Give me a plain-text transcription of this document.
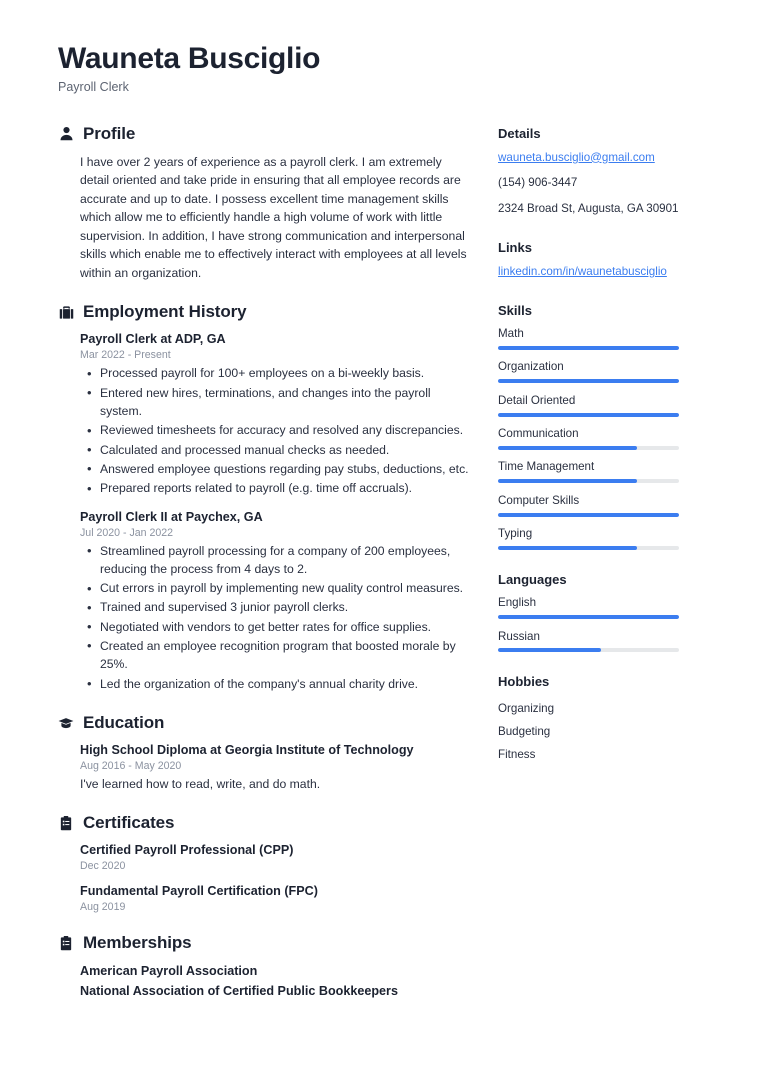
Wauneta Busciglio
Payroll Clerk
Profile
I have over 2 years of experience as a payroll clerk. I am extremely detail oriented and take pride in ensuring that all employee records are accurate and up to date. I possess excellent time management skills which allow me to efficiently handle a high volume of work with little supervision. In addition, I have strong communication and interpersonal skills which enable me to effectively interact with employees at all levels within an organization.
Employment History
Payroll Clerk at ADP, GA
Mar 2022 - Present
• Processed payroll for 100+ employees on a bi-weekly basis.
• Entered new hires, terminations, and changes into the payroll system.
• Reviewed timesheets for accuracy and resolved any discrepancies.
• Calculated and processed manual checks as needed.
• Answered employee questions regarding pay stubs, deductions, etc.
• Prepared reports related to payroll (e.g. time off accruals).
Payroll Clerk II at Paychex, GA
Jul 2020 - Jan 2022
• Streamlined payroll processing for a company of 200 employees, reducing the process from 4 days to 2.
• Cut errors in payroll by implementing new quality control measures.
• Trained and supervised 3 junior payroll clerks.
• Negotiated with vendors to get better rates for office supplies.
• Created an employee recognition program that boosted morale by 25%.
• Led the organization of the company's annual charity drive.
Education
High School Diploma at Georgia Institute of Technology
Aug 2016 - May 2020
I've learned how to read, write, and do math.
Certificates
Certified Payroll Professional (CPP)
Dec 2020
Fundamental Payroll Certification (FPC)
Aug 2019
Memberships
American Payroll Association
National Association of Certified Public Bookkeepers
Details
wauneta.busciglio@gmail.com
(154) 906-3447
2324 Broad St, Augusta, GA 30901
Links
linkedin.com/in/waunetabusciglio
Skills
Math
Organization
Detail Oriented
Communication
Time Management
Computer Skills
Typing
Languages
English
Russian
Hobbies
Organizing
Budgeting
Fitness
